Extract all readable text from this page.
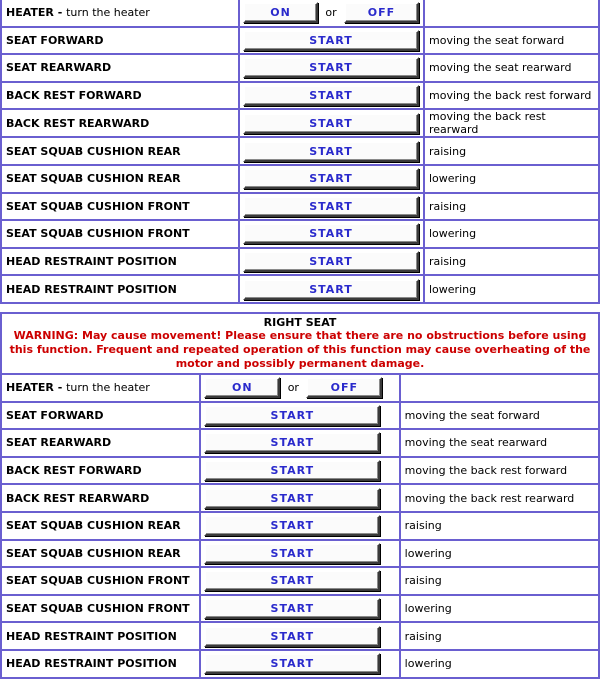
HEATER - turn the heater	ON or OFF	

SEAT FORWARD	START	moving the seat forward
SEAT REARWARD	START	moving the seat rearward
BACK REST FORWARD	START	moving the back rest forward
BACK REST REARWARD	START	moving the back rest rearward
SEAT SQUAB CUSHION REAR	START	raising
SEAT SQUAB CUSHION REAR	START	lowering
SEAT SQUAB CUSHION FRONT	START	raising
SEAT SQUAB CUSHION FRONT	START	lowering
HEAD RESTRAINT POSITION	START	raising
HEAD RESTRAINT POSITION	START	lowering
RIGHT SEAT
WARNING: May cause movement! Please ensure that there are no obstructions before using this function. Frequent and repeated operation of this function may cause overheating of the motor and possibly permanent damage.		

HEATER - turn the heater	ON or OFF	

SEAT FORWARD	START	moving the seat forward
SEAT REARWARD	START	moving the seat rearward
BACK REST FORWARD	START	moving the back rest forward
BACK REST REARWARD	START	moving the back rest rearward
SEAT SQUAB CUSHION REAR	START	raising
SEAT SQUAB CUSHION REAR	START	lowering
SEAT SQUAB CUSHION FRONT	START	raising
SEAT SQUAB CUSHION FRONT	START	lowering
HEAD RESTRAINT POSITION	START	raising
HEAD RESTRAINT POSITION	START	lowering
